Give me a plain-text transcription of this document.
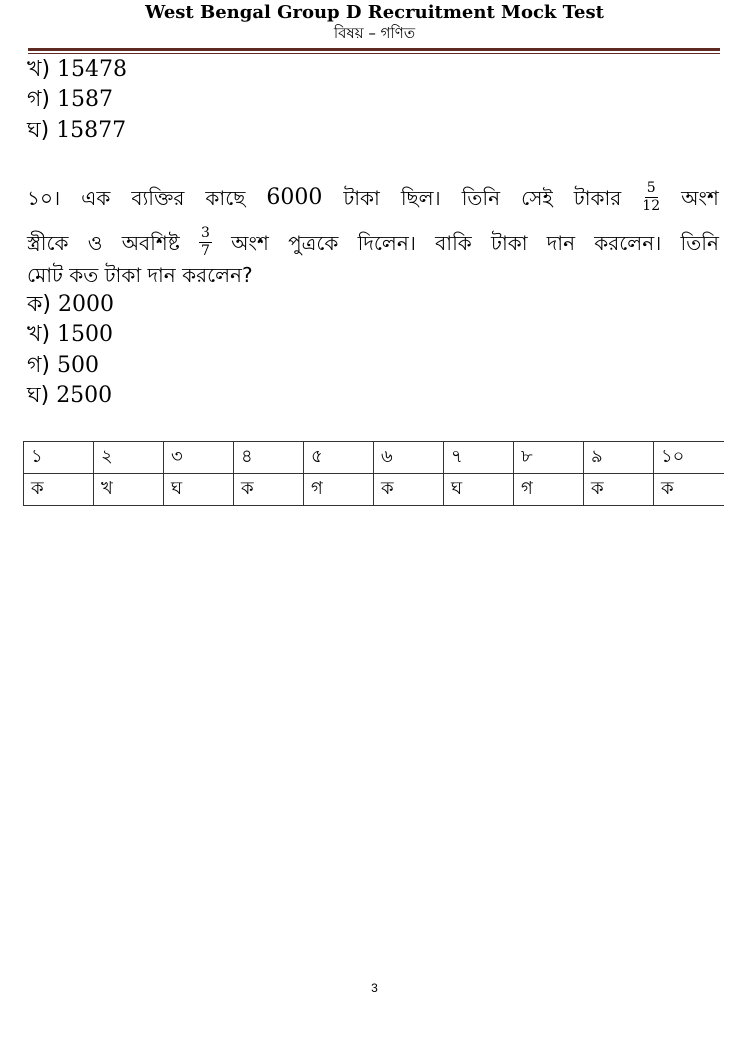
West Bengal Group D Recruitment Mock Test
বিষয় – গণিত
খ) 15478
গ) 1587
ঘ) 15877
১০। এক ব্যক্তির কাছে 6000 টাকা ছিল। তিনি সেই টাকার $\frac{5}{12}$ অংশ
স্ত্রীকে ও অবশিষ্ট $\frac{3}{7}$ অংশ পুত্রকে দিলেন। বাকি টাকা দান করলেন। তিনি
মোট কত টাকা দান করলেন?
ক) 2000
খ) 1500
গ) 500
ঘ) 2500
১	২	৩	৪	৫	৬	৭	৮	৯	১০
ক	খ	ঘ	ক	গ	ক	ঘ	গ	ক	ক
3
